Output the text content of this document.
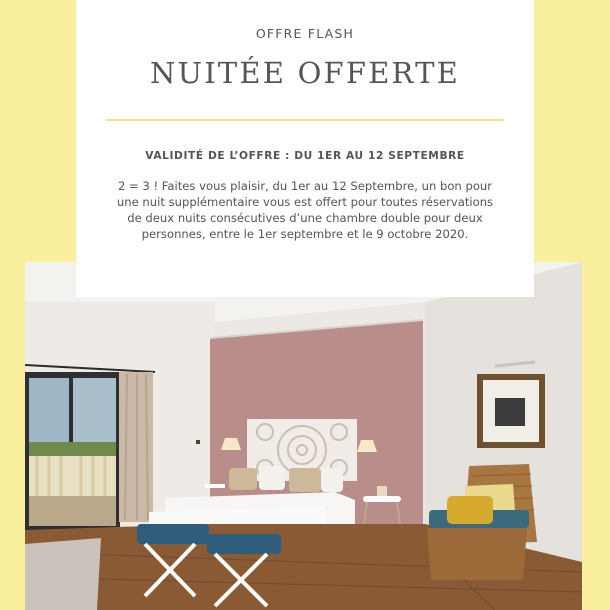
OFFRE FLASH
NUITÉE OFFERTE
VALIDITÉ DE L’OFFRE : DU 1ER AU 12 SEPTEMBRE
2 = 3 ! Faites vous plaisir, du 1er au 12 Septembre, un bon pour une nuit supplémentaire vous est offert pour toutes réservations de deux nuits consécutives d’une chambre double pour deux personnes, entre le 1er septembre et le 9 octobre 2020.
